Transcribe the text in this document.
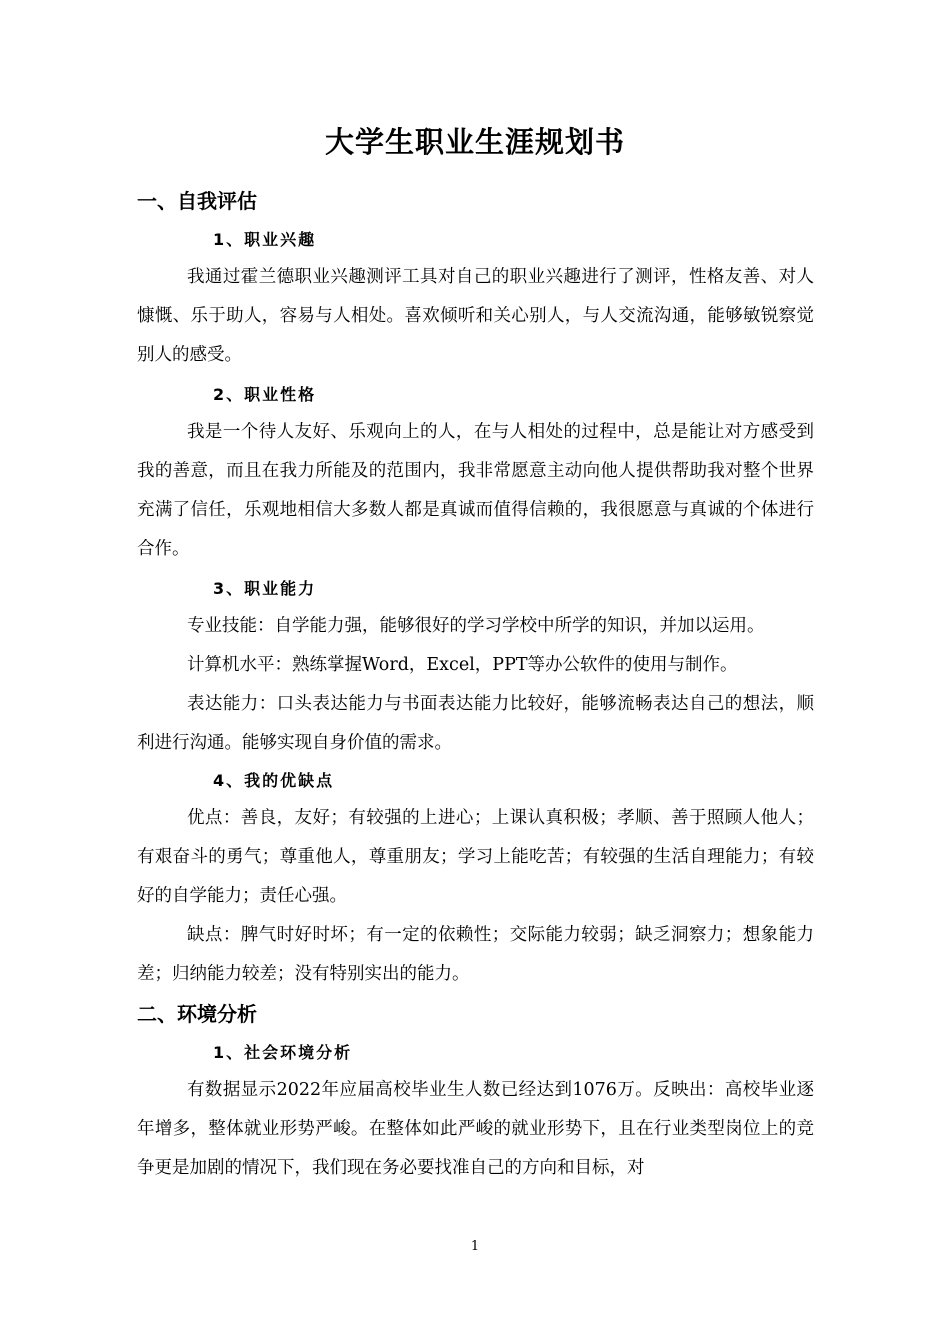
大学生职业生涯规划书
一、自我评估
1、职业兴趣

我通过霍兰德职业兴趣测评工具对自己的职业兴趣进行了测评，性格友善、对人慷慨、乐于助人，容易与人相处。喜欢倾听和关心别人，与人交流沟通，能够敏锐察觉别人的感受。

2、职业性格

我是一个待人友好、乐观向上的人，在与人相处的过程中，总是能让对方感受到我的善意，而且在我力所能及的范围内，我非常愿意主动向他人提供帮助我对整个世界充满了信任，乐观地相信大多数人都是真诚而值得信赖的，我很愿意与真诚的个体进行合作。

3、职业能力

专业技能：自学能力强，能够很好的学习学校中所学的知识，并加以运用。

计算机水平：熟练掌握Word，Excel，PPT等办公软件的使用与制作。

表达能力：口头表达能力与书面表达能力比较好，能够流畅表达自己的想法，顺利进行沟通。能够实现自身价值的需求。

4、我的优缺点

优点：善良，友好；有较强的上进心；上课认真积极；孝顺、善于照顾人他人；有艰奋斗的勇气；尊重他人，尊重朋友；学习上能吃苦；有较强的生活自理能力；有较好的自学能力；责任心强。

缺点：脾气时好时坏；有一定的依赖性；交际能力较弱；缺乏洞察力；想象能力差；归纳能力较差；没有特别实出的能力。

二、环境分析
1、社会环境分析

有数据显示2022年应届高校毕业生人数已经达到1076万。反映出：高校毕业逐年增多，整体就业形势严峻。在整体如此严峻的就业形势下，且在行业类型岗位上的竞争更是加剧的情况下，我们现在务必要找准自己的方向和目标，对

1
